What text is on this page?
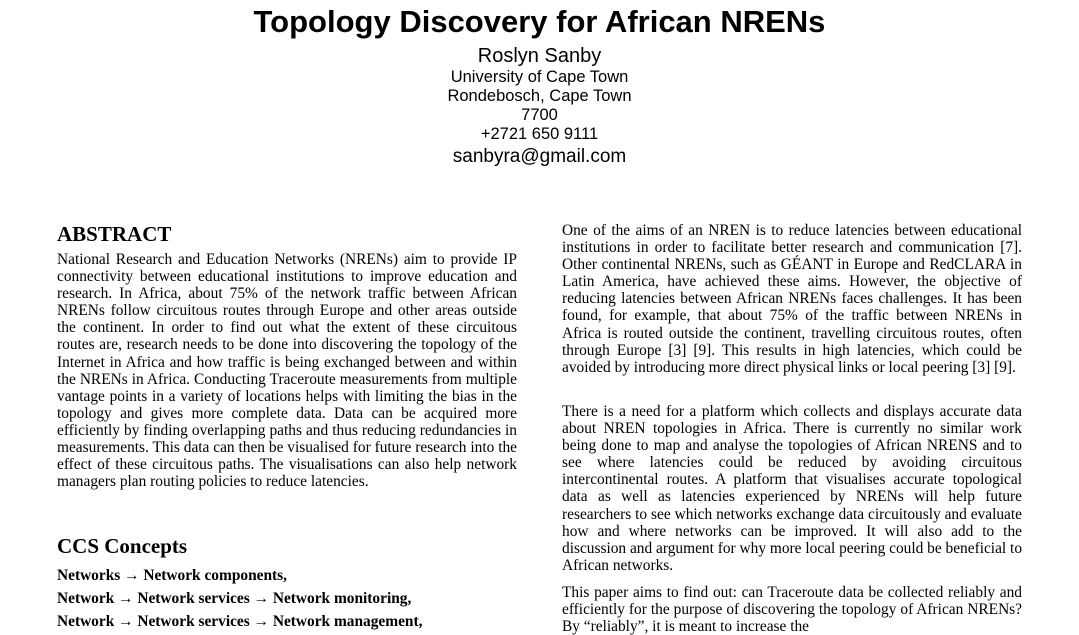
Topology Discovery for African NRENs
Roslyn Sanby
University of Cape Town
Rondebosch, Cape Town
7700
+2721 650 9111
sanbyra@gmail.com
ABSTRACT

National Research and Education Networks (NRENs) aim to provide IP connectivity between educational institutions to improve education and research. In Africa, about 75% of the network traffic between African NRENs follow circuitous routes through Europe and other areas outside the continent. In order to find out what the extent of these circuitous routes are, research needs to be done into discovering the topology of the Internet in Africa and how traffic is being exchanged between and within the NRENs in Africa. Conducting Traceroute measurements from multiple vantage points in a variety of locations helps with limiting the bias in the topology and gives more complete data. Data can be acquired more efficiently by finding overlapping paths and thus reducing redundancies in measurements. This data can then be visualised for future research into the effect of these circuitous paths. The visualisations can also help network managers plan routing policies to reduce latencies.

CCS Concepts
Networks → Network components,
Network → Network services → Network monitoring,
Network → Network services → Network management,

One of the aims of an NREN is to reduce latencies between educational institutions in order to facilitate better research and communication [7]. Other continental NRENs, such as GÉANT in Europe and RedCLARA in Latin America, have achieved these aims. However, the objective of reducing latencies between African NRENs faces challenges. It has been found, for example, that about 75% of the traffic between NRENs in Africa is routed outside the continent, travelling circuitous routes, often through Europe [3] [9]. This results in high latencies, which could be avoided by introducing more direct physical links or local peering [3] [9].

There is a need for a platform which collects and displays accurate data about NREN topologies in Africa. There is currently no similar work being done to map and analyse the topologies of African NRENS and to see where latencies could be reduced by avoiding circuitous intercontinental routes. A platform that visualises accurate topological data as well as latencies experienced by NRENs will help future researchers to see which networks exchange data circuitously and evaluate how and where networks can be improved. It will also add to the discussion and argument for why more local peering could be beneficial to African networks.

This paper aims to find out: can Traceroute data be collected reliably and efficiently for the purpose of discovering the topology of African NRENs? By “reliably”, it is meant to increase the
